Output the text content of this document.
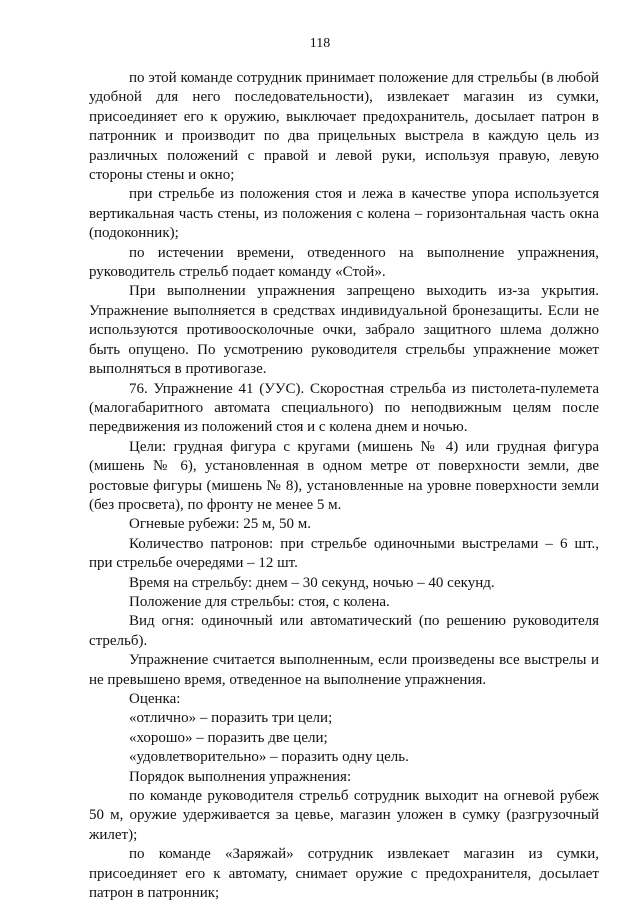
118

по этой команде сотрудник принимает положение для стрельбы (в любой удобной для него последовательности), извлекает магазин из сумки, присоединяет его к оружию, выключает предохранитель, досылает патрон в патронник и производит по два прицельных выстрела в каждую цель из различных положений с правой и левой руки, используя правую, левую стороны стены и окно;

при стрельбе из положения стоя и лежа в качестве упора используется вертикальная часть стены, из положения с колена – горизонтальная часть окна (подоконник);

по истечении времени, отведенного на выполнение упражнения, руководитель стрельб подает команду «Стой».

При выполнении упражнения запрещено выходить из-за укрытия. Упражнение выполняется в средствах индивидуальной бронезащиты. Если не используются противоосколочные очки, забрало защитного шлема должно быть опущено. По усмотрению руководителя стрельбы упражнение может выполняться в противогазе.

76. Упражнение 41 (УУС). Скоростная стрельба из пистолета-пулемета (малогабаритного автомата специального) по неподвижным целям после передвижения из положений стоя и с колена днем и ночью.

Цели: грудная фигура с кругами (мишень № 4) или грудная фигура (мишень № 6), установленная в одном метре от поверхности земли, две ростовые фигуры (мишень № 8), установленные на уровне поверхности земли (без просвета), по фронту не менее 5 м.

Огневые рубежи: 25 м, 50 м.

Количество патронов: при стрельбе одиночными выстрелами – 6 шт., при стрельбе очередями – 12 шт.

Время на стрельбу: днем – 30 секунд, ночью – 40 секунд.

Положение для стрельбы: стоя, с колена.

Вид огня: одиночный или автоматический (по решению руководителя стрельб).

Упражнение считается выполненным, если произведены все выстрелы и не превышено время, отведенное на выполнение упражнения.

Оценка:

«отлично» – поразить три цели;

«хорошо» – поразить две цели;

«удовлетворительно» – поразить одну цель.

Порядок выполнения упражнения:

по команде руководителя стрельб сотрудник выходит на огневой рубеж 50 м, оружие удерживается за цевье, магазин уложен в сумку (разгрузочный жилет);

по команде «Заряжай» сотрудник извлекает магазин из сумки, присоединяет его к автомату, снимает оружие с предохранителя, досылает патрон в патронник;
